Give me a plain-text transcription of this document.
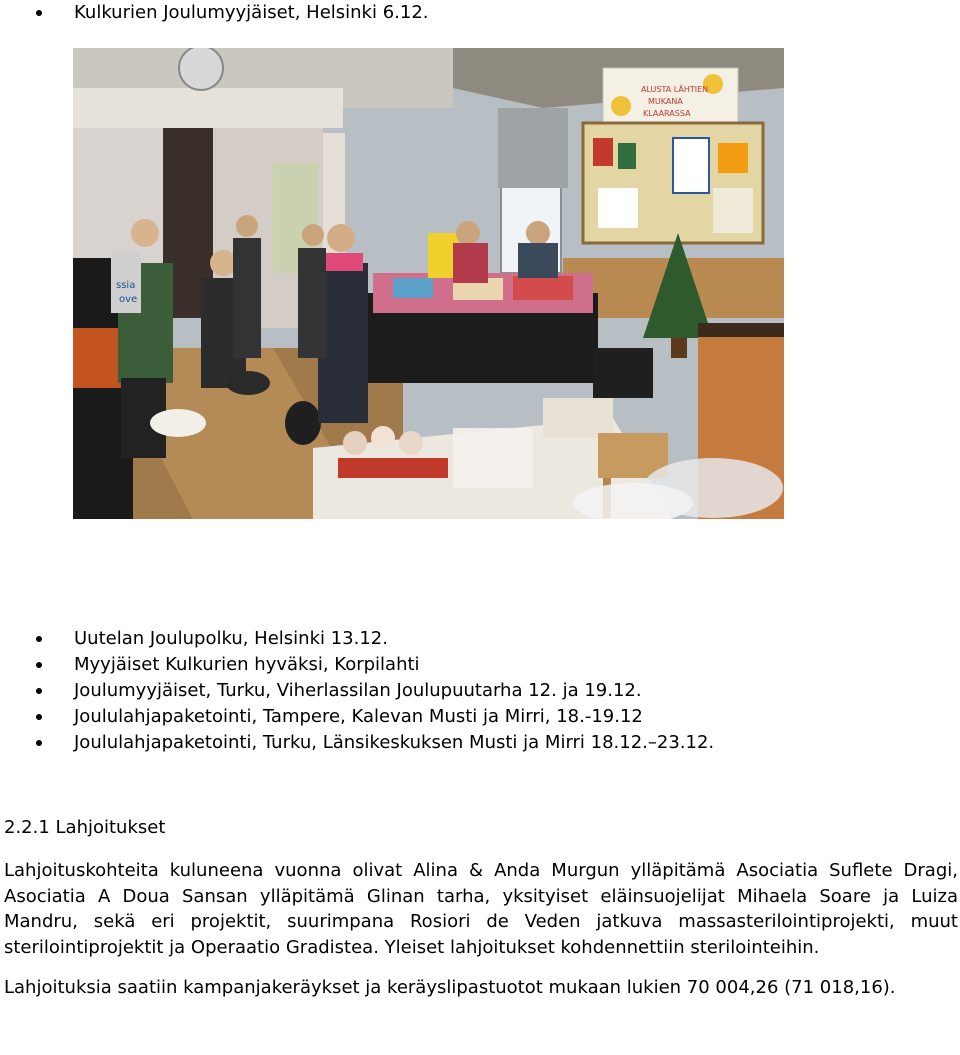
Kulkurien Joulumyyjäiset, Helsinki 6.12.
ALUSTA LÄHTIEN
MUKANA
KLAARASSA
ssia
ove
Uutelan Joulupolku, Helsinki 13.12.
Myyjäiset Kulkurien hyväksi, Korpilahti
Joulumyyjäiset, Turku, Viherlassilan Joulupuutarha 12. ja 19.12.
Joululahjapaketointi, Tampere, Kalevan Musti ja Mirri, 18.-19.12
Joululahjapaketointi, Turku, Länsikeskuksen Musti ja Mirri 18.12.–23.12.
2.2.1 Lahjoitukset

Lahjoituskohteita kuluneena vuonna olivat Alina & Anda Murgun ylläpitämä Asociatia Suflete Dragi, Asociatia A Doua Sansan ylläpitämä Glinan tarha, yksityiset eläinsuojelijat Mihaela Soare ja Luiza Mandru, sekä eri projektit, suurimpana Rosiori de Veden jatkuva massasterilointiprojekti, muut sterilointiprojektit ja Operaatio Gradistea. Yleiset lahjoitukset kohdennettiin sterilointeihin.

Lahjoituksia saatiin kampanjakeräykset ja keräyslipastuotot mukaan lukien 70 004,26 (71 018,16).
